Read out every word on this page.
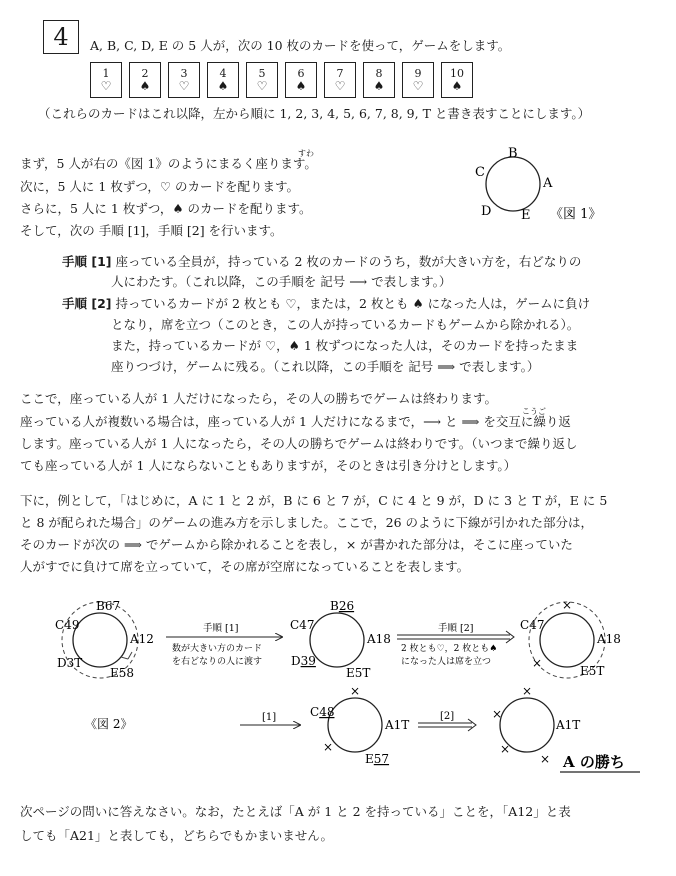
4	A, B, C, D, E の 5 人が，次の 10 枚のカードを使って，ゲームをします。
1
♡
2
♠
3
♡
4
♠
5
♡
6
♠
7
♡
8
♠
9
♡
10
♠
（これらのカードはこれ以降，左から順に 1, 2, 3, 4, 5, 6, 7, 8, 9, T と書き表すことにします。）
すわ
まず，5 人が右の《図 1》のようにまるく座ります。
次に，5 人に 1 枚ずつ，♡ のカードを配ります。
さらに，5 人に 1 枚ずつ，♠ のカードを配ります。
そして，次の 手順 [1]，手順 [2] を行います。
B
A
C
D E 《図 1》
手順 [1] 座っている全員が，持っている 2 枚のカードのうち，数が大きい方を，右どなりの
人にわたす。（これ以降，この手順を 記号 ⟶ で表します。）
手順 [2] 持っているカードが 2 枚とも ♡，または，2 枚とも ♠ になった人は，ゲームに負け
となり，席を立つ（このとき，この人が持っているカードもゲームから除かれる）。
また，持っているカードが ♡，♠ 1 枚ずつになった人は，そのカードを持ったまま
座りつづけ，ゲームに残る。（これ以降，この手順を 記号 ⟹ で表します。）
ここで，座っている人が 1 人だけになったら，その人の勝ちでゲームは終わります。
こうご
座っている人が複数いる場合は，座っている人が 1 人だけになるまで，⟶ と ⟹ を交互に繰り返
します。座っている人が 1 人になったら，その人の勝ちでゲームは終わりです。（いつまで繰り返し
ても座っている人が 1 人にならないこともありますが，そのときは引き分けとします。）
下に，例として，「はじめに，A に 1 と 2 が，B に 6 と 7 が，C に 4 と 9 が，D に 3 と T が，E に 5
と 8 が配られた場合」のゲームの進み方を示しました。ここで，26 のように下線が引かれた部分は，
そのカードが次の ⟹ でゲームから除かれることを表し，× が書かれた部分は，そこに座っていた
人がすでに負けて席を立っていて，その席が空席になっていることを表します。
B67
C49
A12
D3T
E58
手順 [1]
数が大きい方のカード
を右どなりの人に渡す
B26
C47
A18
D39
E5T
手順 [2]
2 枚とも♡，2 枚とも♠
になった人は席を立つ
×
C47
A18
×
E5T
《図 2》	[1]
×
C48
A1T
×
E57
[2]
×
×
A1T
×
× A の勝ち
次ページの問いに答えなさい。なお，たとえば「A が 1 と 2 を持っている」ことを，「A12」と表
しても「A21」と表しても，どちらでもかまいません。
